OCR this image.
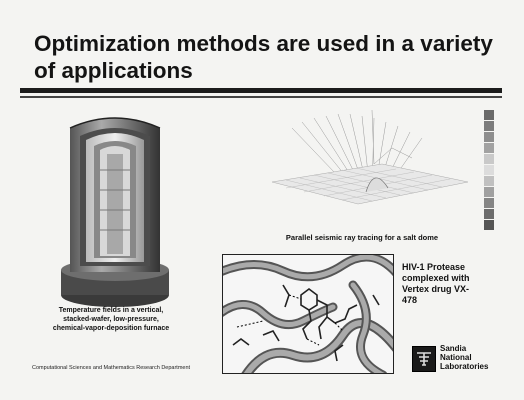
Optimization methods are used in a variety of applications
Temperature fields in a vertical,
stacked-wafer, low-pressure,
chemical-vapor-deposition furnace
Parallel seismic ray tracing for a salt dome
HIV-1 Protease
complexed with
Vertex drug VX-
478
Sandia
National
Laboratories
Computational Sciences and Mathematics Research Department
